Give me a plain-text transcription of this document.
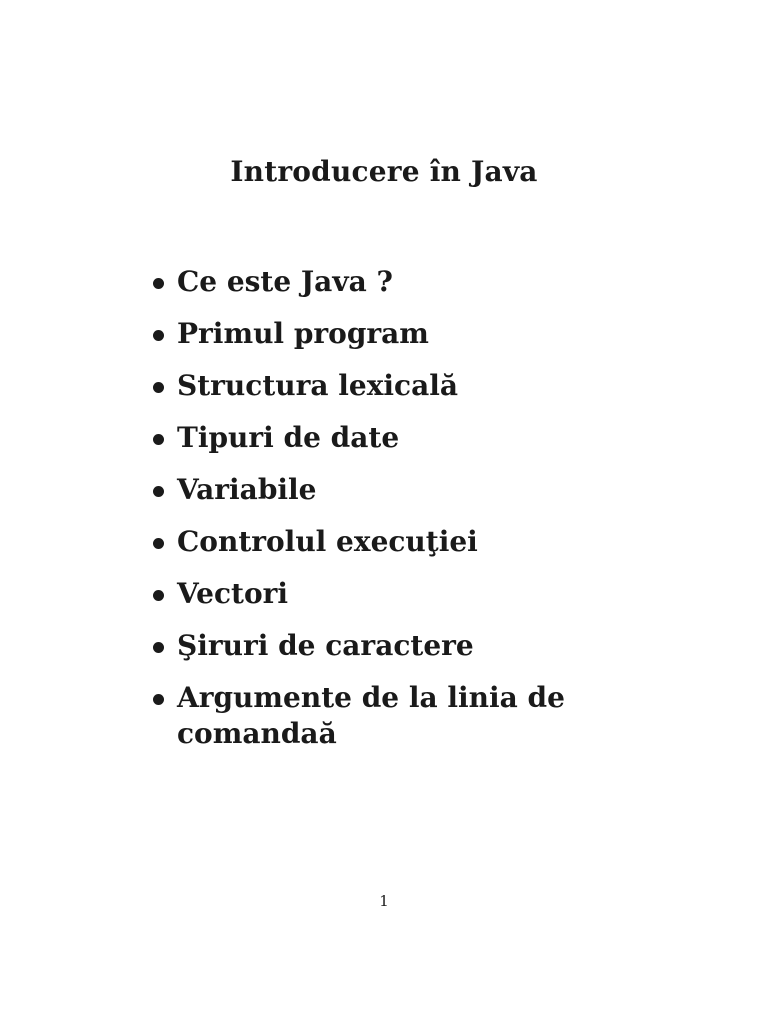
Introducere în Java
Ce este Java ?
Primul program
Structura lexicală
Tipuri de date
Variabile
Controlul execuţiei
Vectori
Şiruri de caractere
Argumente de la linia de comandaă
1
